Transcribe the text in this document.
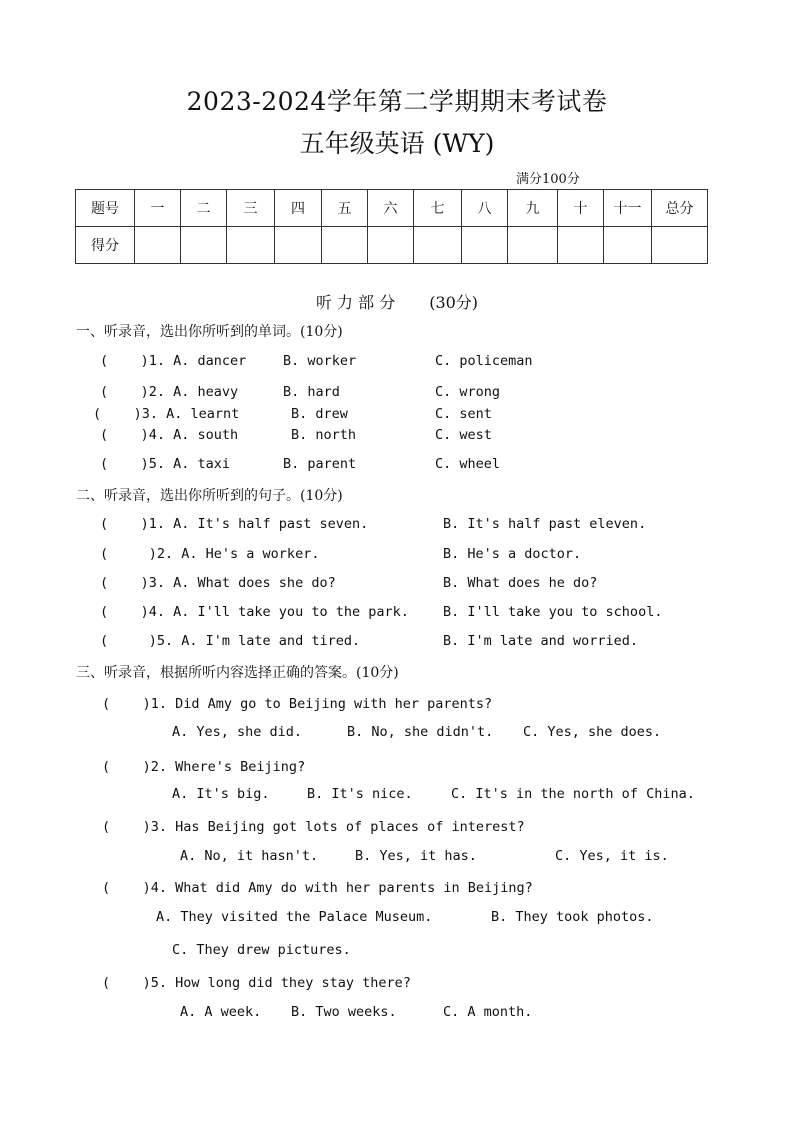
2023-2024学年第二学期期末考试卷
五年级英语 (WY)
满分100分
题号	一	二	三	四	五	六	七	八	九	十	十一	总分
得分												
听 力 部 分 (30分)
一、听录音，选出你所听到的单词。(10分)
(    )1. A. dancer	B. worker	C. policeman
(    )2. A. heavy	B. hard	C. wrong
(    )3. A. learnt	B. drew	C. sent
(    )4. A. south	B. north	C. west
(    )5. A. taxi	B. parent	C. wheel
二、听录音，选出你所听到的句子。(10分)
(    )1. A. It's half past seven.	B. It's half past eleven.
(     )2. A. He's a worker.	B. He's a doctor.
(    )3. A. What does she do?	B. What does he do?
(    )4. A. I'll take you to the park.	B. I'll take you to school.
(     )5. A. I'm late and tired.	B. I'm late and worried.
三、听录音，根据所听内容选择正确的答案。(10分)
(    )1. Did Amy go to Beijing with her parents?
A. Yes, she did.	B. No, she didn't. C. Yes, she does.
(    )2. Where's Beijing?
A. It's big.	B. It's nice.	C. It's in the north of China.
(    )3. Has Beijing got lots of places of interest?
A. No, it hasn't.	B. Yes, it has.	C. Yes, it is.
(    )4. What did Amy do with her parents in Beijing?
A. They visited the Palace Museum.	B. They took photos.
C. They drew pictures.
(    )5. How long did they stay there?
A. A week. B. Two weeks.	C. A month.
